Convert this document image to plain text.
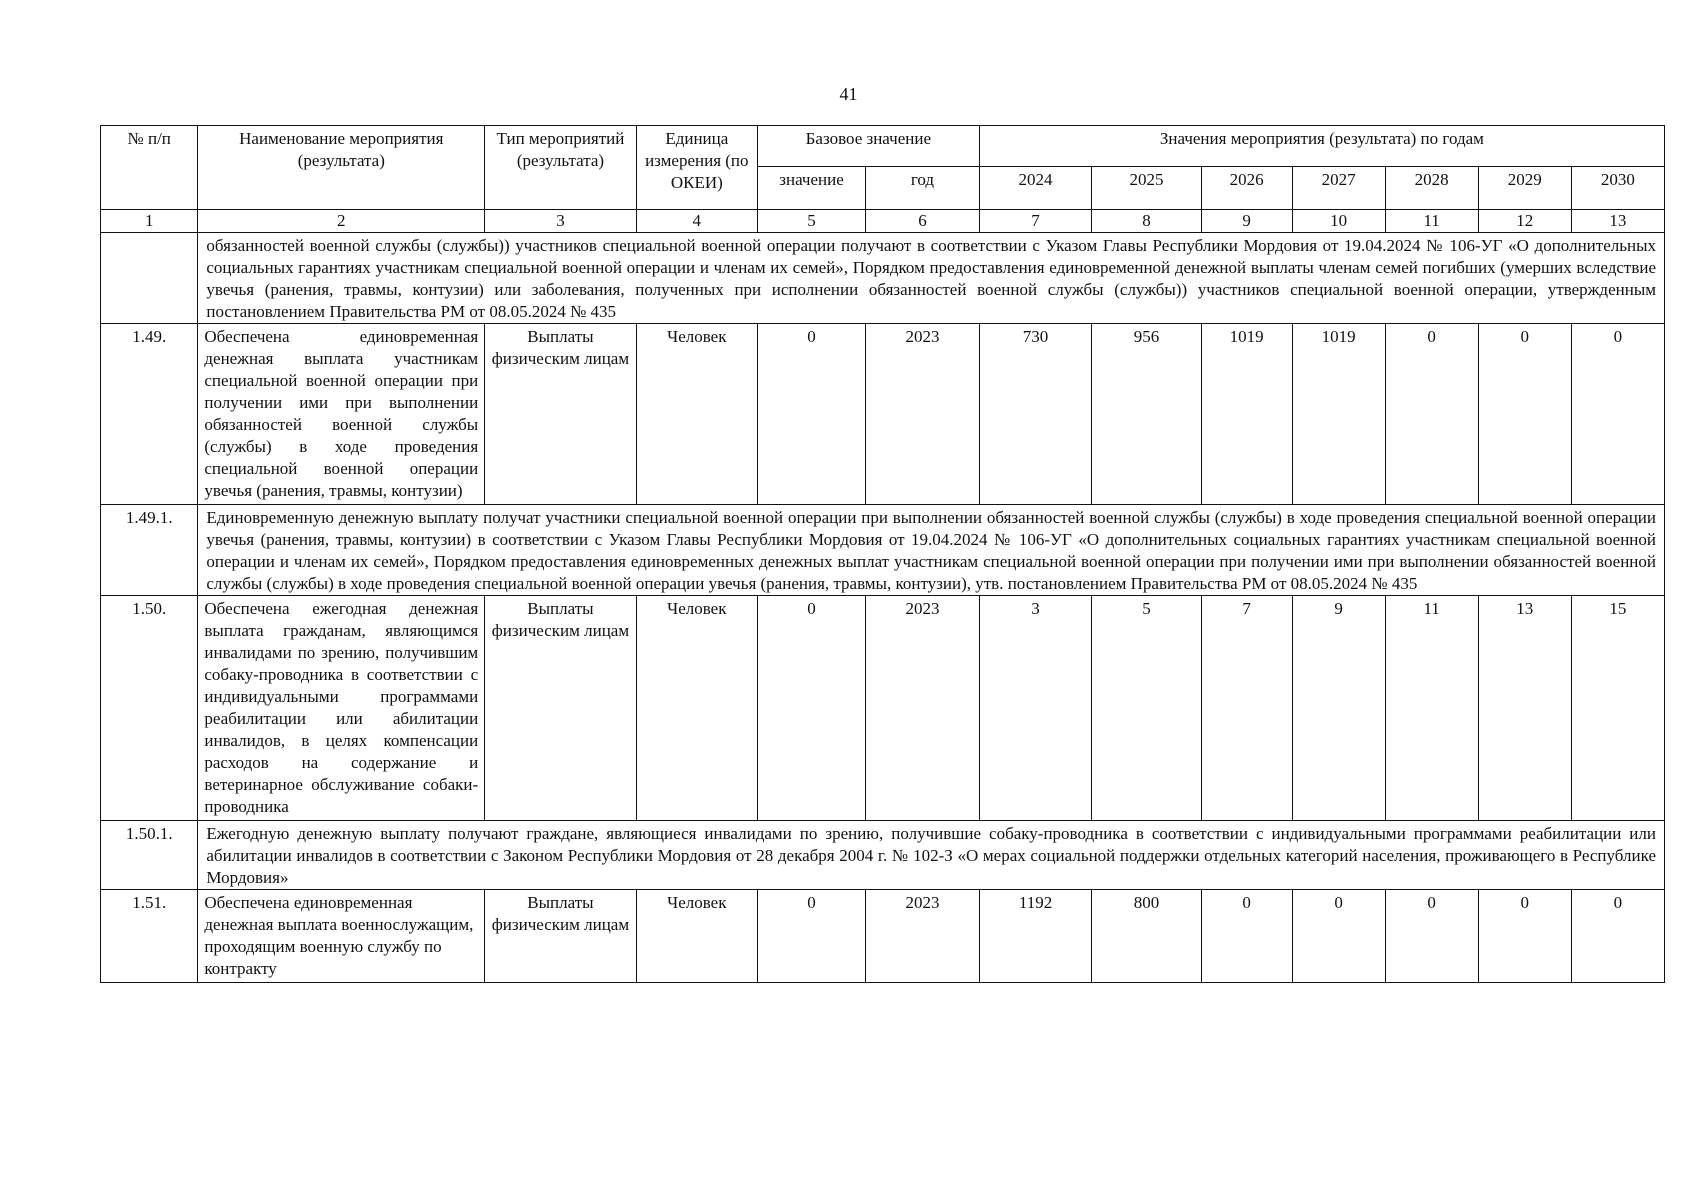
41
№ п/п	Наименование мероприятия (результата)	Тип мероприятий (результата)	Единица измерения (по ОКЕИ)	Базовое значение		Значения мероприятия (результата) по годам						
				значение	год	2024	2025	2026	2027	2028	2029	2030
1	2	3	4	5	6	7	8	9	10	11	12	13
	обязанностей военной службы (службы)) участников специальной военной операции получают в соответствии с Указом Главы Республики Мордовия от 19.04.2024 № 106-УГ «О дополнительных социальных гарантиях участникам специальной военной операции и членам их семей», Порядком предоставления единовременной денежной выплаты членам семей погибших (умерших вследствие увечья (ранения, травмы, контузии) или заболевания, полученных при исполнении обязанностей военной службы (службы)) участников специальной военной операции, утвержденным постановлением Правительства РМ от 08.05.2024 № 435											
1.49.	Обеспечена единовременная денежная выплата участникам специальной военной операции при получении ими при выполнении обязанностей военной службы (службы) в ходе проведения специальной военной операции увечья (ранения, травмы, контузии)	Выплаты физическим лицам	Человек	0	2023	730	956	1019	1019	0	0	0
1.49.1.	Единовременную денежную выплату получат участники специальной военной операции при выполнении обязанностей военной службы (службы) в ходе проведения специальной военной операции увечья (ранения, травмы, контузии) в соответствии с Указом Главы Республики Мордовия от 19.04.2024 № 106-УГ «О дополнительных социальных гарантиях участникам специальной военной операции и членам их семей», Порядком предоставления единовременных денежных выплат участникам специальной военной операции при получении ими при выполнении обязанностей военной службы (службы) в ходе проведения специальной военной операции увечья (ранения, травмы, контузии), утв. постановлением Правительства РМ от 08.05.2024 № 435											
1.50.	Обеспечена ежегодная денежная выплата гражданам, являющимся инвалидами по зрению, получившим собаку-проводника в соответствии с индивидуальными программами реабилитации или абилитации инвалидов, в целях компенсации расходов на содержание и ветеринарное обслуживание собаки-проводника	Выплаты физическим лицам	Человек	0	2023	3	5	7	9	11	13	15
1.50.1.	Ежегодную денежную выплату получают граждане, являющиеся инвалидами по зрению, получившие собаку-проводника в соответствии с индивидуальными программами реабилитации или абилитации инвалидов в соответствии с Законом Республики Мордовия от 28 декабря 2004 г. № 102-З «О мерах социальной поддержки отдельных категорий населения, проживающего в Республике Мордовия»											
1.51.	Обеспечена единовременная денежная выплата военнослужащим, проходящим военную службу по контракту	Выплаты физическим лицам	Человек	0	2023	1192	800	0	0	0	0	0
